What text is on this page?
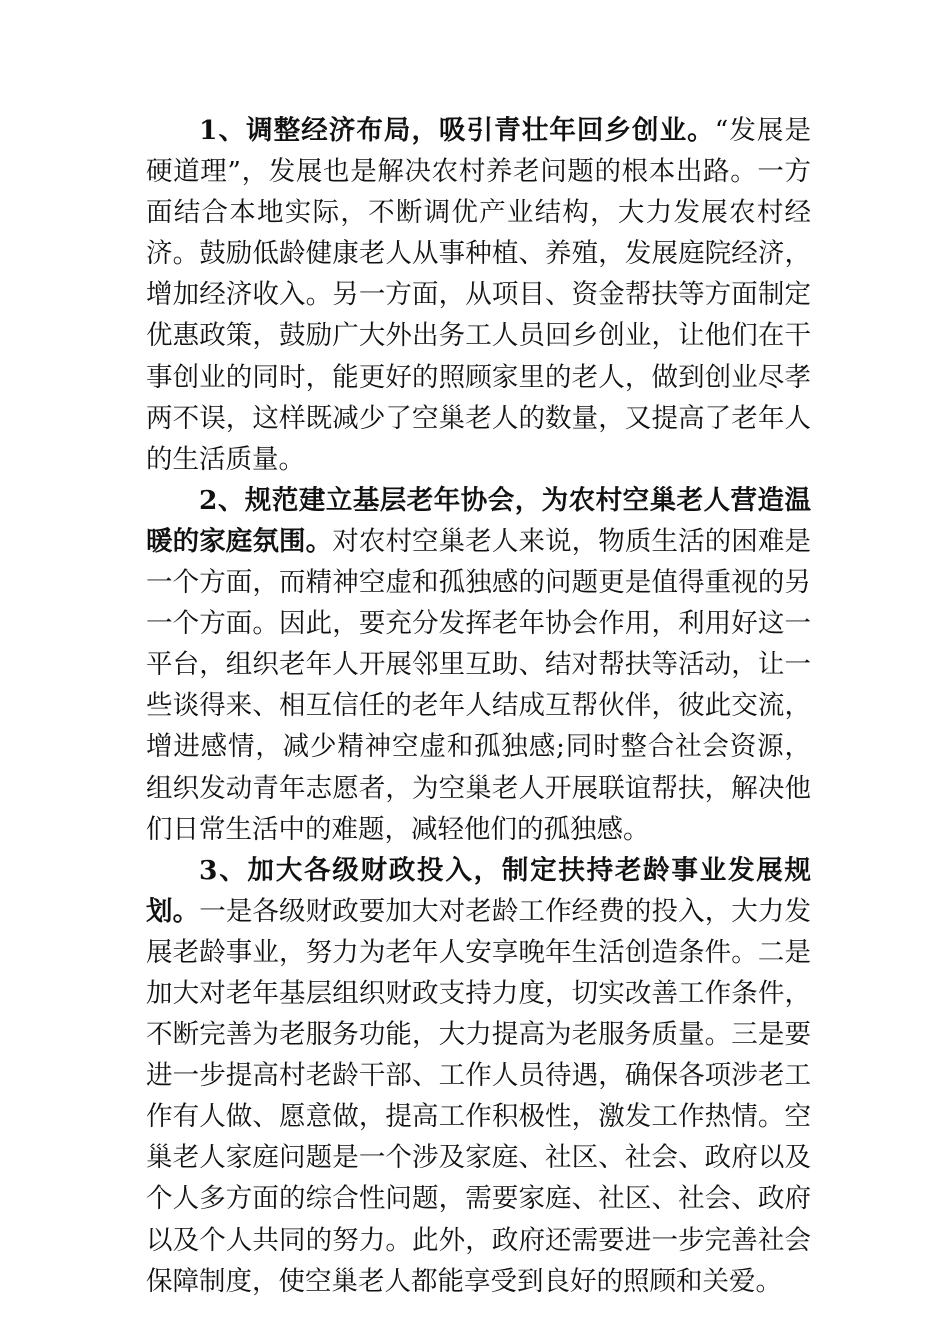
1、调整经济布局，吸引青壮年回乡创业。“发展是硬道理”，发展也是解决农村养老问题的根本出路。一方面结合本地实际，不断调优产业结构，大力发展农村经济。鼓励低龄健康老人从事种植、养殖，发展庭院经济，增加经济收入。另一方面，从项目、资金帮扶等方面制定优惠政策，鼓励广大外出务工人员回乡创业，让他们在干事创业的同时，能更好的照顾家里的老人，做到创业尽孝两不误，这样既减少了空巢老人的数量，又提高了老年人的生活质量。

2、规范建立基层老年协会，为农村空巢老人营造温暖的家庭氛围。对农村空巢老人来说，物质生活的困难是一个方面，而精神空虚和孤独感的问题更是值得重视的另一个方面。因此，要充分发挥老年协会作用，利用好这一平台，组织老年人开展邻里互助、结对帮扶等活动，让一些谈得来、相互信任的老年人结成互帮伙伴，彼此交流，增进感情，减少精神空虚和孤独感;同时整合社会资源，组织发动青年志愿者，为空巢老人开展联谊帮扶，解决他们日常生活中的难题，减轻他们的孤独感。

3、加大各级财政投入，制定扶持老龄事业发展规划。一是各级财政要加大对老龄工作经费的投入，大力发展老龄事业，努力为老年人安享晚年生活创造条件。二是加大对老年基层组织财政支持力度，切实改善工作条件，不断完善为老服务功能，大力提高为老服务质量。三是要进一步提高村老龄干部、工作人员待遇，确保各项涉老工作有人做、愿意做，提高工作积极性，激发工作热情。空巢老人家庭问题是一个涉及家庭、社区、社会、政府以及个人多方面的综合性问题，需要家庭、社区、社会、政府以及个人共同的努力。此外，政府还需要进一步完善社会保障制度，使空巢老人都能享受到良好的照顾和关爱。
